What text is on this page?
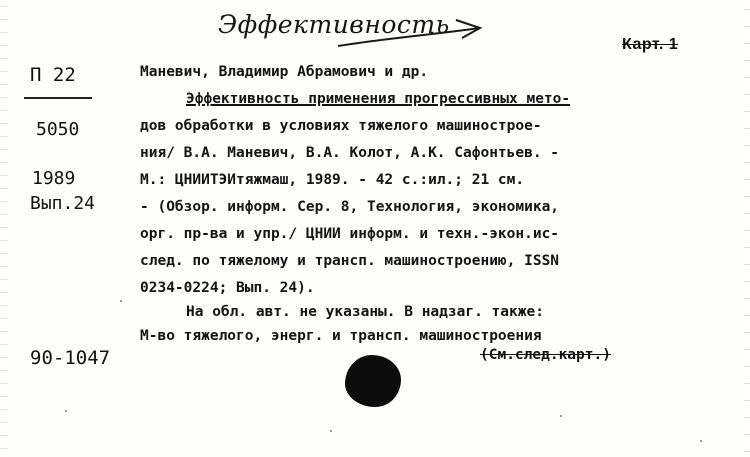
Эффективность
Карт. 1
П 22
5050
1989
Вып.24
90-1047
Маневич, Владимир Абрамович и др.
Эффективность применения прогрессивных мето-
дов обработки в условиях тяжелого машинострое-
ния/ В.А. Маневич, В.А. Колот, А.К. Сафонтьев. -
М.: ЦНИИТЭИтяжмаш, 1989. - 42 с.:ил.; 21 см.
- (Обзор. информ. Сер. 8, Технология, экономика,
орг. пр-ва и упр./ ЦНИИ информ. и техн.-экон.ис-
след. по тяжелому и трансп. машиностроению, ISSN
0234-0224; Вып. 24).
На обл. авт. не указаны. В надзаг. также:
М-во тяжелого, энерг. и трансп. машиностроения
(См.след.карт.)
